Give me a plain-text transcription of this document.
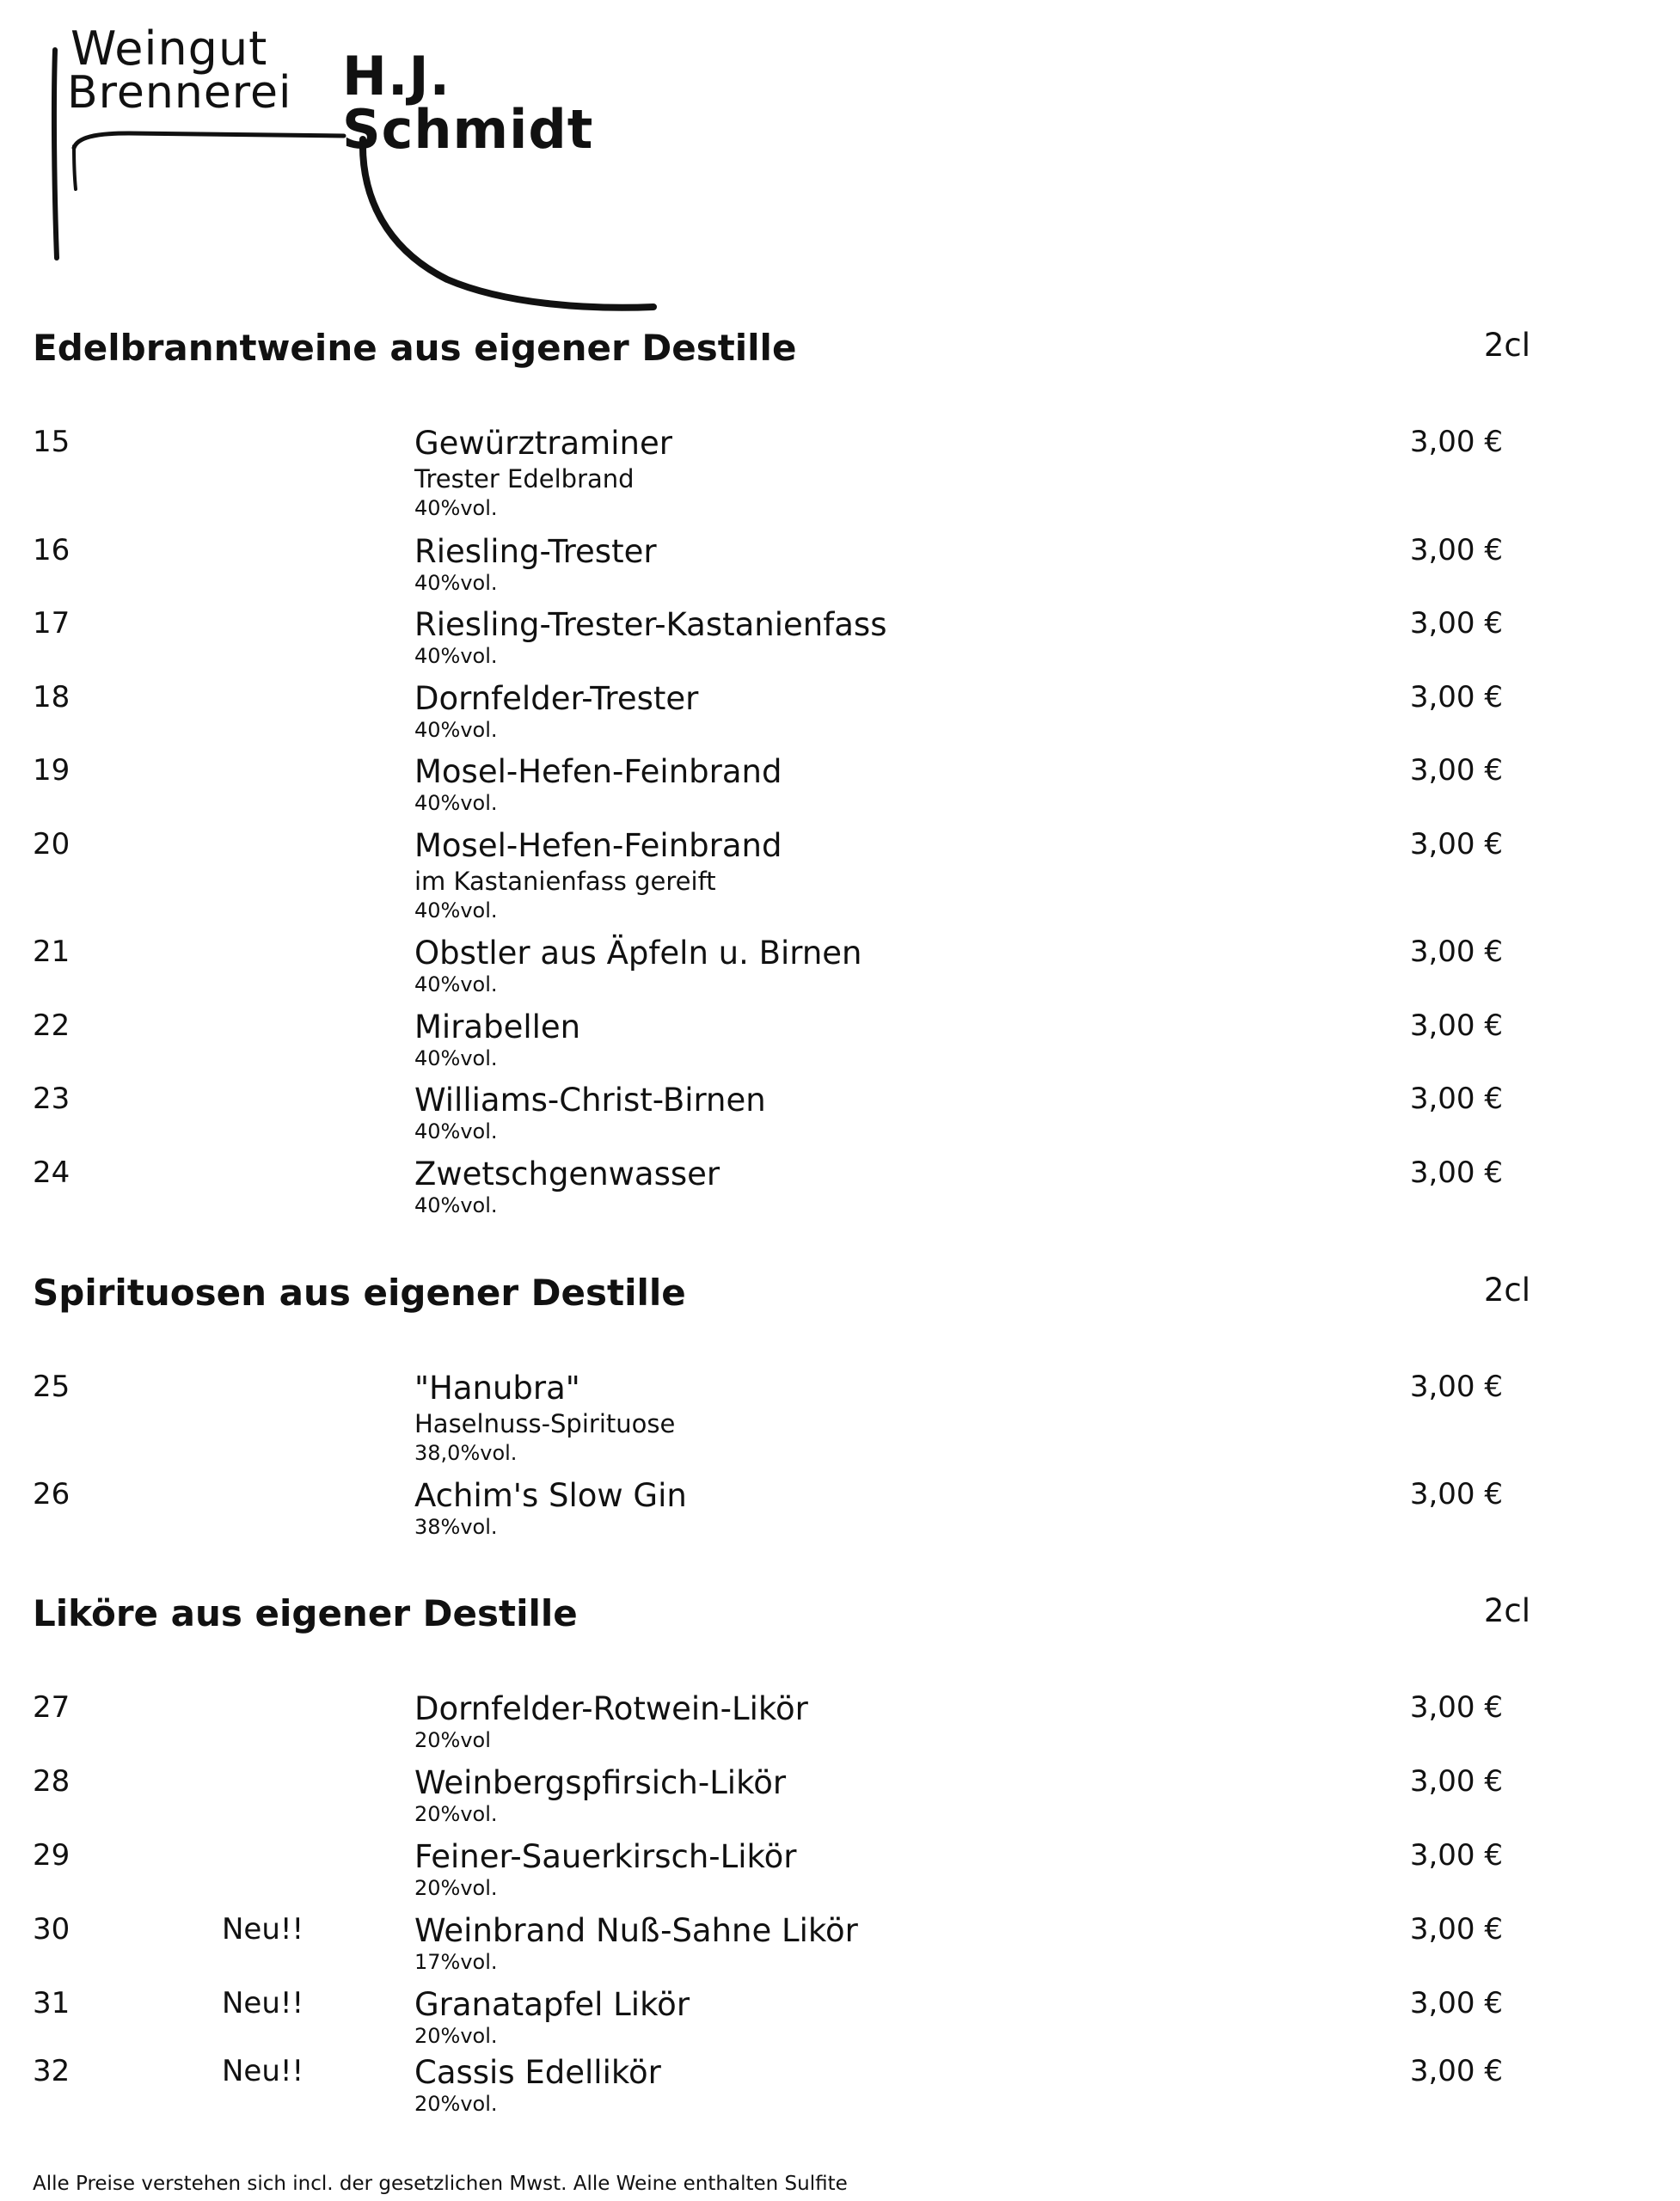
Weingut
Brennerei H.J. Schmidt
Edelbranntweine aus eigener Destille	2cl
15	Gewürztraminer
Trester Edelbrand
40%vol.
3,00 €
16	Riesling-Trester
40%vol.
3,00 €
17	Riesling-Trester-Kastanienfass
40%vol.
3,00 €
18	Dornfelder-Trester
40%vol.
3,00 €
19	Mosel-Hefen-Feinbrand
40%vol.
3,00 €
20	Mosel-Hefen-Feinbrand
im Kastanienfass gereift
40%vol.
3,00 €
21	Obstler aus Äpfeln u. Birnen
40%vol.
3,00 €
22	Mirabellen
40%vol.
3,00 €
23	Williams-Christ-Birnen
40%vol.
3,00 €
24	Zwetschgenwasser
40%vol.
3,00 €
Spirituosen aus eigener Destille	2cl
25	"Hanubra"
Haselnuss-Spirituose
38,0%vol.
3,00 €
26	Achim's Slow Gin
38%vol.
3,00 €
Liköre aus eigener Destille	2cl
27	Dornfelder-Rotwein-Likör
20%vol
3,00 €
28	Weinbergspfirsich-Likör
20%vol.
3,00 €
29	Feiner-Sauerkirsch-Likör
20%vol.
3,00 €
30	Neu!!	Weinbrand Nuß-Sahne Likör
17%vol.
3,00 €
31	Neu!!	Granatapfel Likör
20%vol.
3,00 €
32	Neu!!	Cassis Edellikör
20%vol.
3,00 €
Alle Preise verstehen sich incl. der gesetzlichen Mwst. Alle Weine enthalten Sulfite
